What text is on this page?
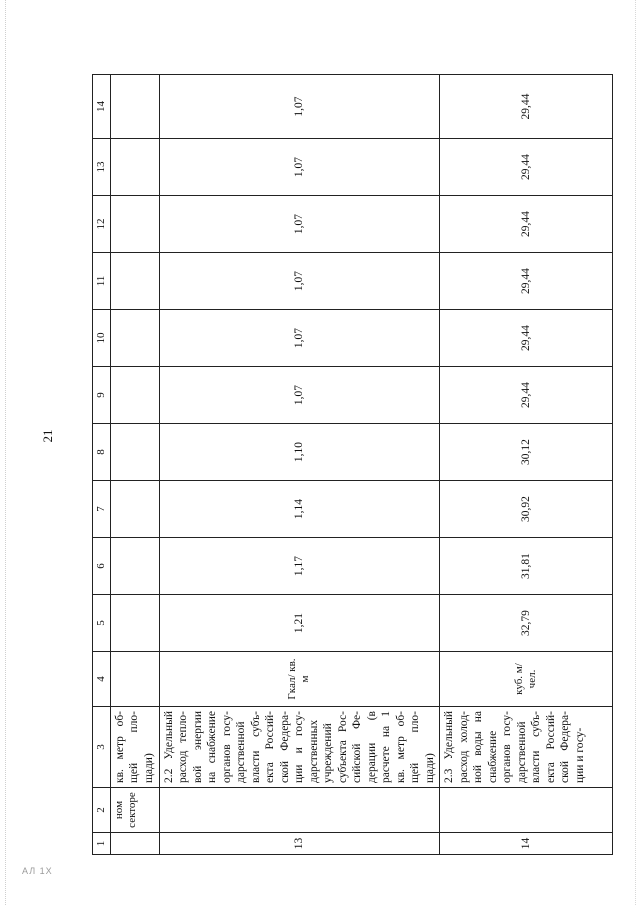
21
1	2	3	4	5	6	7	8	9	10	11	12	13	14
	ном секторе	кв. метр об-щей пло-щади)											
13		2.2 Удельный расход тепло-вой энергии на снабжение органов госу-дарственной власти субъ-екта Россий-ской Федера-ции и госу-дарственных учреждений субъекта Рос-сийской Фе-дерации (в расчете на 1 кв. метр об-щей пло-щади)	Гкал/ кв. м	1,21	1,17	1,14	1,10	1,07	1,07	1,07	1,07	1,07	1,07
14		2.3 Удельный расход холод-ной воды на снабжение органов госу-дарственной власти субъ-екта Россий-ской Федера-ции и госу-	куб. м/ чел.	32,79	31,81	30,92	30,12	29,44	29,44	29,44	29,44	29,44	29,44
АЛ 1Х
